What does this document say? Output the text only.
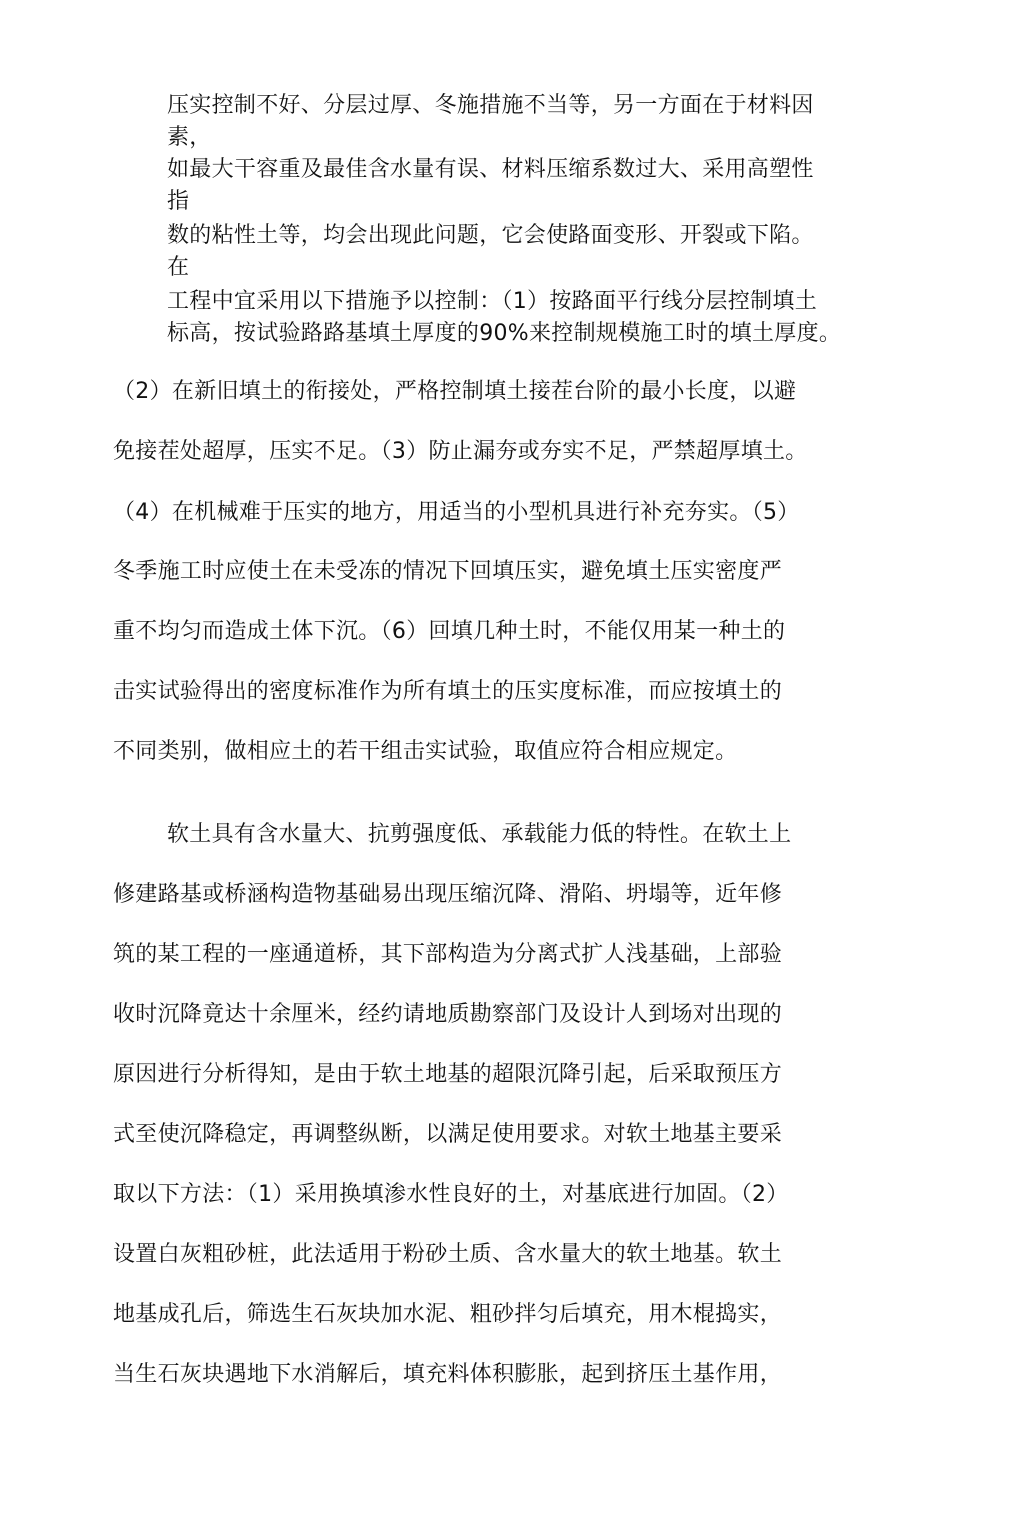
压实控制不好、分层过厚、冬施措施不当等，另一方面在于材料因
素，
如最大干容重及最佳含水量有误、材料压缩系数过大、采用高塑性
指
数的粘性土等，均会出现此问题，它会使路面变形、开裂或下陷。
在
工程中宜采用以下措施予以控制：（1）按路面平行线分层控制填土
标高，按试验路路基填土厚度的90%来控制规模施工时的填土厚度。
（2）在新旧填土的衔接处，严格控制填土接茬台阶的最小长度，以避
免接茬处超厚，压实不足。（3）防止漏夯或夯实不足，严禁超厚填土。
（4）在机械难于压实的地方，用适当的小型机具进行补充夯实。（5）
冬季施工时应使土在未受冻的情况下回填压实，避免填土压实密度严
重不均匀而造成土体下沉。（6）回填几种土时，不能仅用某一种土的
击实试验得出的密度标准作为所有填土的压实度标准，而应按填土的
不同类别，做相应土的若干组击实试验，取值应符合相应规定。
软土具有含水量大、抗剪强度低、承载能力低的特性。在软土上
修建路基或桥涵构造物基础易出现压缩沉降、滑陷、坍塌等，近年修
筑的某工程的一座通道桥，其下部构造为分离式扩人浅基础，上部验
收时沉降竟达十余厘米，经约请地质勘察部门及设计人到场对出现的
原因进行分析得知，是由于软土地基的超限沉降引起，后采取预压方
式至使沉降稳定，再调整纵断，以满足使用要求。对软土地基主要采
取以下方法：（1）采用换填渗水性良好的土，对基底进行加固。（2）
设置白灰粗砂桩，此法适用于粉砂土质、含水量大的软土地基。软土
地基成孔后，筛选生石灰块加水泥、粗砂拌匀后填充，用木棍捣实，
当生石灰块遇地下水消解后，填充料体积膨胀，起到挤压土基作用，
